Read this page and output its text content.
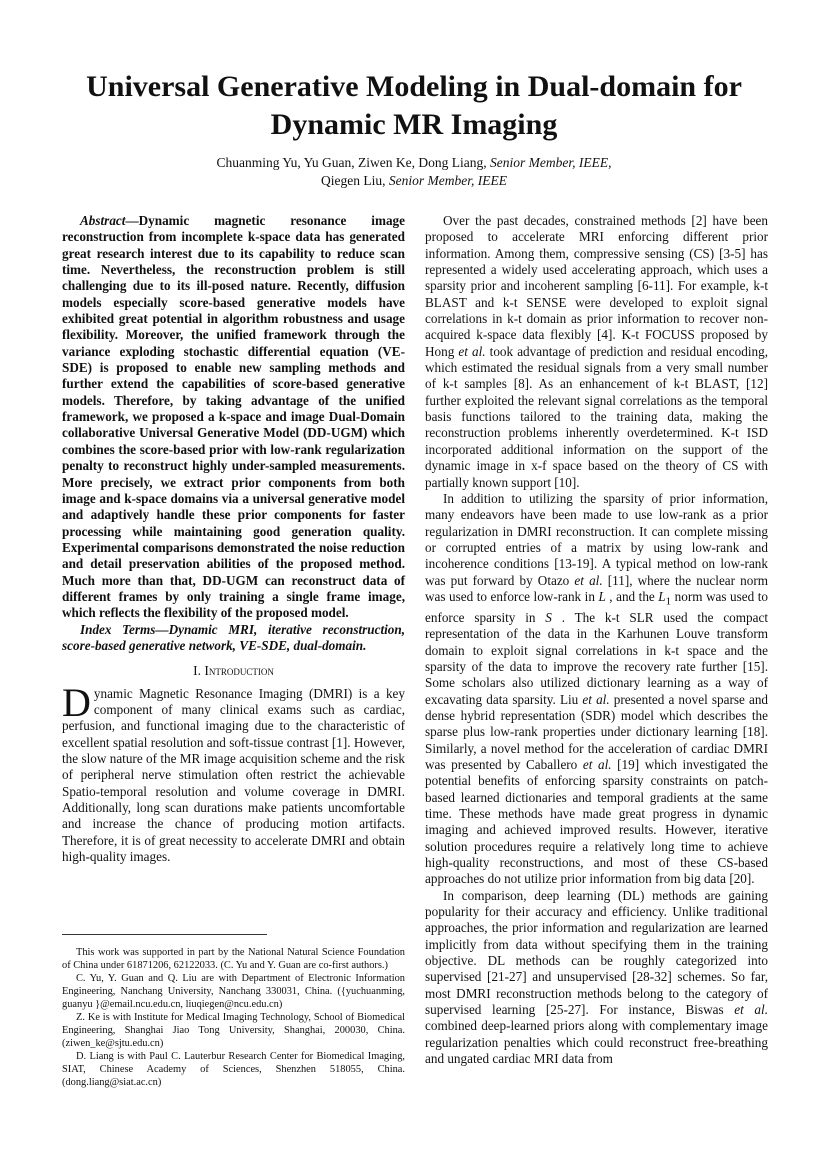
Universal Generative Modeling in Dual-domain for Dynamic MR Imaging
Chuanming Yu, Yu Guan, Ziwen Ke, Dong Liang, Senior Member, IEEE,
Qiegen Liu, Senior Member, IEEE

Abstract—Dynamic magnetic resonance image reconstruction from incomplete k-space data has generated great research interest due to its capability to reduce scan time. Nevertheless, the reconstruction problem is still challenging due to its ill-posed nature. Recently, diffusion models especially score-based generative models have exhibited great potential in algorithm robustness and usage flexibility. Moreover, the unified framework through the variance exploding stochastic differential equation (VE-SDE) is proposed to enable new sampling methods and further extend the capabilities of score-based generative models. Therefore, by taking advantage of the unified framework, we proposed a k-space and image Dual-Domain collaborative Universal Generative Model (DD-UGM) which combines the score-based prior with low-rank regularization penalty to reconstruct highly under-sampled measurements. More precisely, we extract prior components from both image and k-space domains via a universal generative model and adaptively handle these prior components for faster processing while maintaining good generation quality. Experimental comparisons demonstrated the noise reduction and detail preservation abilities of the proposed method. Much more than that, DD-UGM can reconstruct data of different frames by only training a single frame image, which reflects the flexibility of the proposed model.

Index Terms—Dynamic MRI, iterative reconstruction, score-based generative network, VE-SDE, dual-domain.

I. Introduction

Dynamic Magnetic Resonance Imaging (DMRI) is a key component of many clinical exams such as cardiac, perfusion, and functional imaging due to the characteristic of excellent spatial resolution and soft-tissue contrast [1]. However, the slow nature of the MR image acquisition scheme and the risk of peripheral nerve stimulation often restrict the achievable Spatio-temporal resolution and volume coverage in DMRI. Additionally, long scan durations make patients uncomfortable and increase the chance of producing motion artifacts. Therefore, it is of great necessity to accelerate DMRI and obtain high-quality images.

This work was supported in part by the National Natural Science Foundation of China under 61871206, 62122033. (C. Yu and Y. Guan are co-first authors.)

C. Yu, Y. Guan and Q. Liu are with Department of Electronic Information Engineering, Nanchang University, Nanchang 330031, China. ({yuchuanming, guanyu }@email.ncu.edu.cn, liuqiegen@ncu.edu.cn)

Z. Ke is with Institute for Medical Imaging Technology, School of Biomedical Engineering, Shanghai Jiao Tong University, Shanghai, 200030, China. (ziwen_ke@sjtu.edu.cn)

D. Liang is with Paul C. Lauterbur Research Center for Biomedical Imaging, SIAT, Chinese Academy of Sciences, Shenzhen 518055, China. (dong.liang@siat.ac.cn)

Over the past decades, constrained methods [2] have been proposed to accelerate MRI enforcing different prior information. Among them, compressive sensing (CS) [3-5] has represented a widely used accelerating approach, which uses a sparsity prior and incoherent sampling [6-11]. For example, k-t BLAST and k-t SENSE were developed to exploit signal correlations in k-t domain as prior information to recover non-acquired k-space data flexibly [4]. K-t FOCUSS proposed by Hong et al. took advantage of prediction and residual encoding, which estimated the residual signals from a very small number of k-t samples [8]. As an enhancement of k-t BLAST, [12] further exploited the relevant signal correlations as the temporal basis functions tailored to the training data, making the reconstruction problems inherently overdetermined. K-t ISD incorporated additional information on the support of the dynamic image in x-f space based on the theory of CS with partially known support [10].

In addition to utilizing the sparsity of prior information, many endeavors have been made to use low-rank as a prior regularization in DMRI reconstruction. It can complete missing or corrupted entries of a matrix by using low-rank and incoherence conditions [13-19]. A typical method on low-rank was put forward by Otazo et al. [11], where the nuclear norm was used to enforce low-rank in L , and the $L_1$ norm was used to enforce sparsity in S . The k-t SLR used the compact representation of the data in the Karhunen Louve transform domain to exploit signal correlations in k-t space and the sparsity of the data to improve the recovery rate further [15]. Some scholars also utilized dictionary learning as a way of excavating data sparsity. Liu et al. presented a novel sparse and dense hybrid representation (SDR) model which describes the sparse plus low-rank properties under dictionary learning [18]. Similarly, a novel method for the acceleration of cardiac DMRI was presented by Caballero et al. [19] which investigated the potential benefits of enforcing sparsity constraints on patch-based learned dictionaries and temporal gradients at the same time. These methods have made great progress in dynamic imaging and achieved improved results. However, iterative solution procedures require a relatively long time to achieve high-quality reconstructions, and most of these CS-based approaches do not utilize prior information from big data [20].

In comparison, deep learning (DL) methods are gaining popularity for their accuracy and efficiency. Unlike traditional approaches, the prior information and regularization are learned implicitly from data without specifying them in the training objective. DL methods can be roughly categorized into supervised [21-27] and unsupervised [28-32] schemes. So far, most DMRI reconstruction methods belong to the category of supervised learning [25-27]. For instance, Biswas et al. combined deep-learned priors along with complementary image regularization penalties which could reconstruct free-breathing and ungated cardiac MRI data from
